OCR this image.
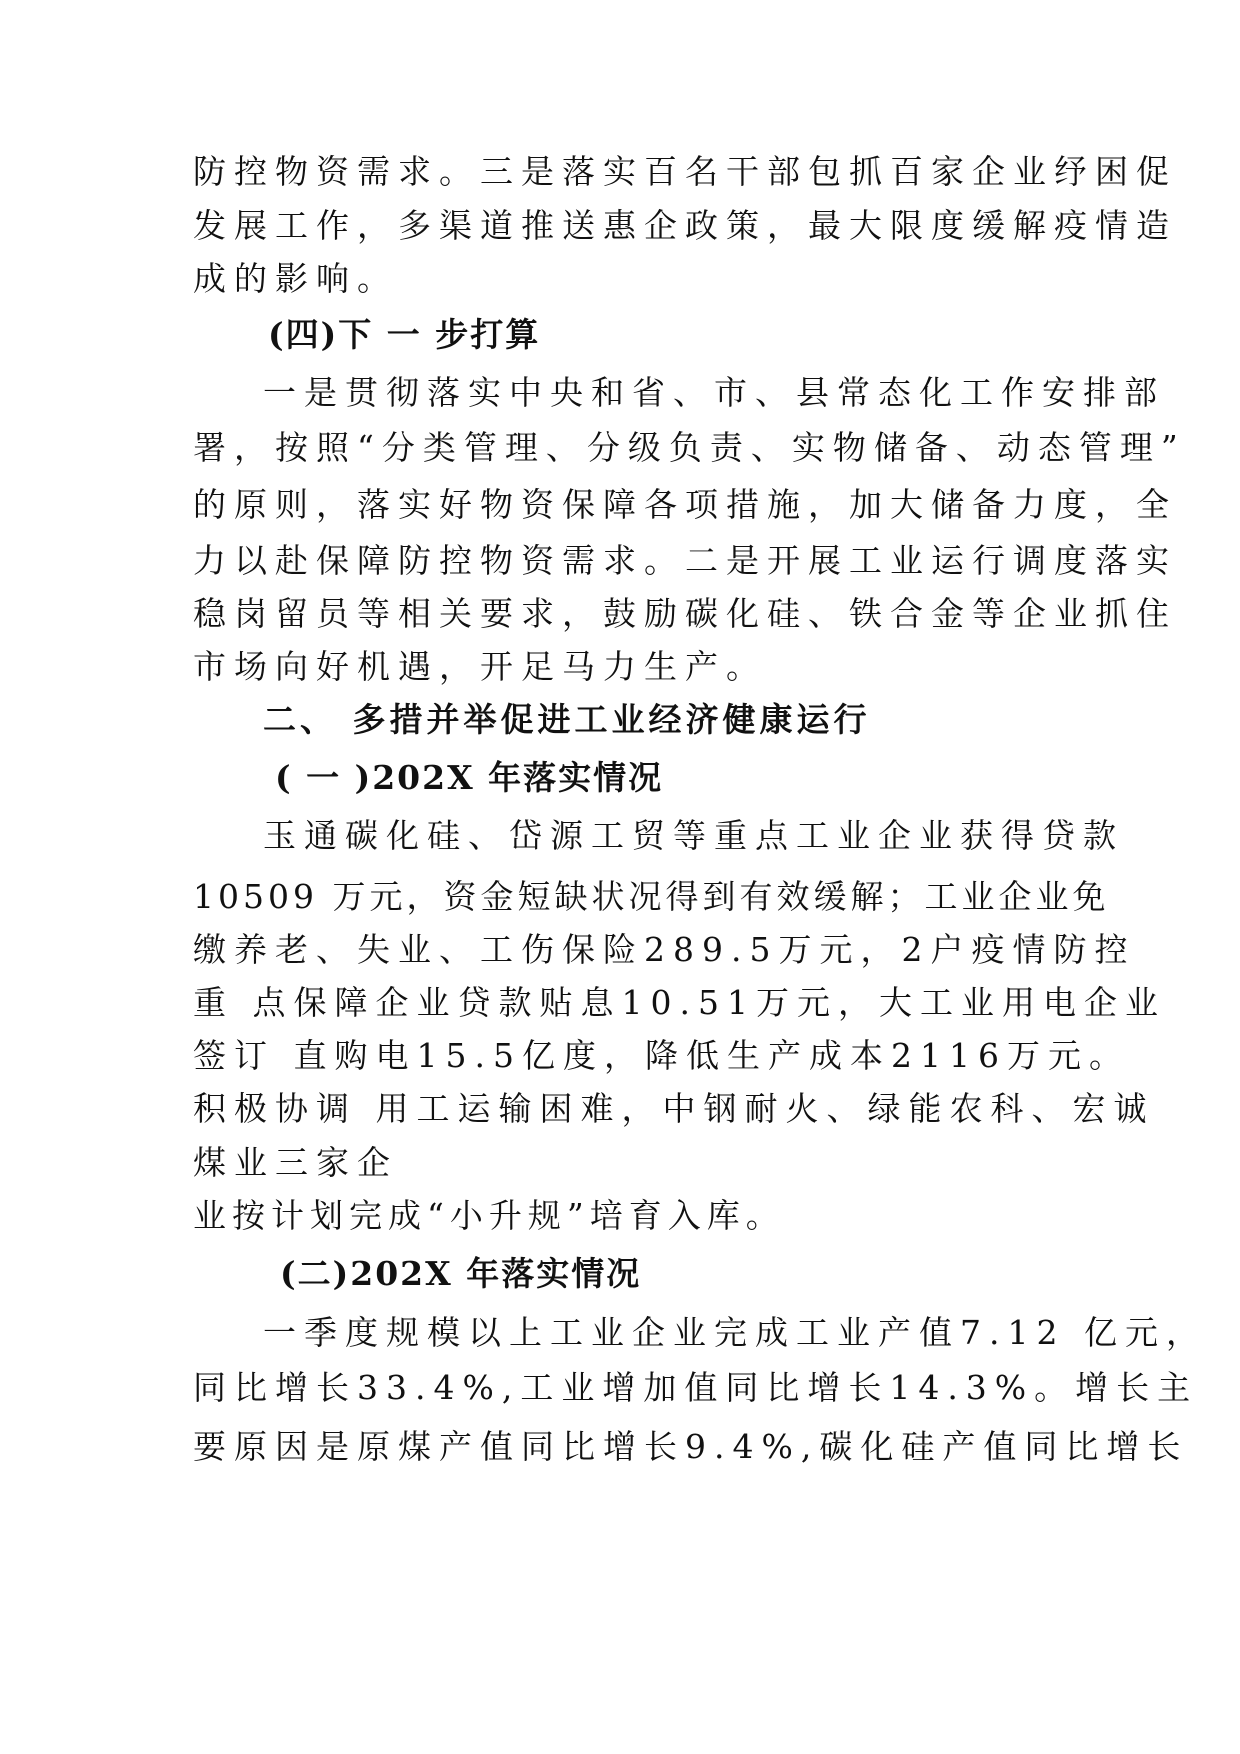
防控物资需求。三是落实百名干部包抓百家企业纾困促
发展工作，多渠道推送惠企政策，最大限度缓解疫情造
成的影响。
(四)下 一 步打算
一是贯彻落实中央和省、市、县常态化工作安排部
署，按照“分类管理、分级负责、实物储备、动态管理”
的原则，落实好物资保障各项措施，加大储备力度，全
力以赴保障防控物资需求。二是开展工业运行调度落实
稳岗留员等相关要求，鼓励碳化硅、铁合金等企业抓住
市场向好机遇，开足马力生产。
二、 多措并举促进工业经济健康运行
( 一 )202X 年落实情况
玉通碳化硅、岱源工贸等重点工业企业获得贷款
10509 万元，资金短缺状况得到有效缓解；工业企业免
缴养老、失业、工伤保险289.5万元，2户疫情防控
重 点保障企业贷款贴息10.51万元，大工业用电企业
签订 直购电15.5亿度，降低生产成本2116万元。
积极协调 用工运输困难，中钢耐火、绿能农科、宏诚
煤业三家企
业按计划完成“小升规”培育入库。
(二)202X 年落实情况
一季度规模以上工业企业完成工业产值7.12 亿元，
同比增长33.4%,工业增加值同比增长14.3%。增长主
要原因是原煤产值同比增长9.4%,碳化硅产值同比增长
